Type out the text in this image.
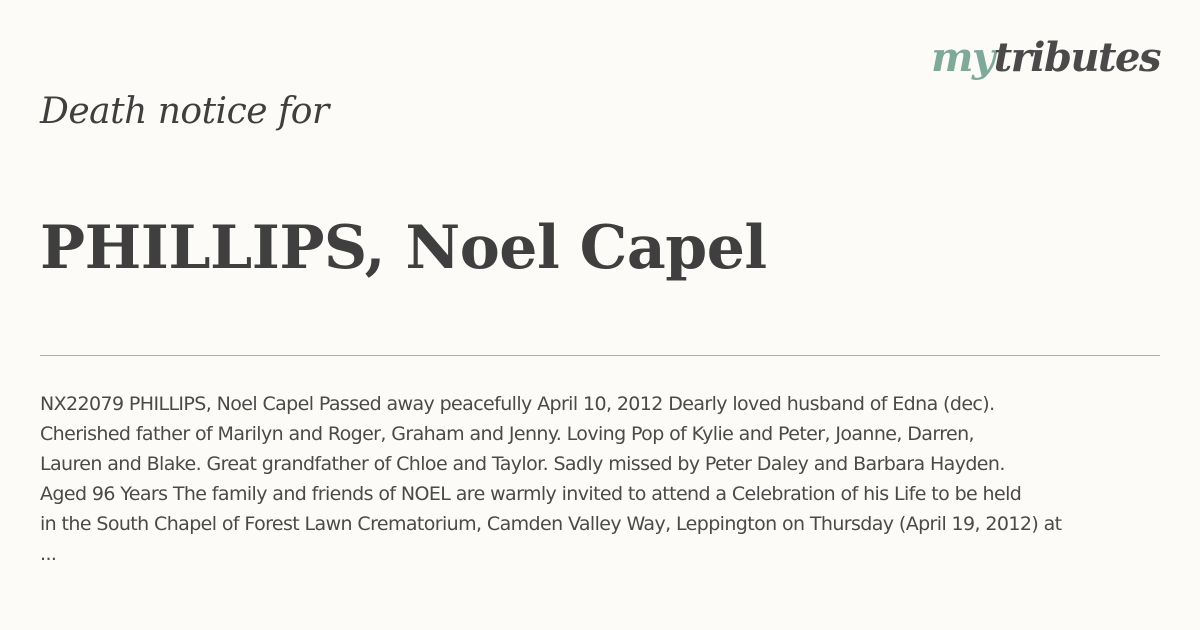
mytributes
Death notice for
PHILLIPS, Noel Capel
NX22079 PHILLIPS, Noel Capel Passed away peacefully April 10, 2012 Dearly loved husband of Edna (dec).
Cherished father of Marilyn and Roger, Graham and Jenny. Loving Pop of Kylie and Peter, Joanne, Darren,
Lauren and Blake. Great grandfather of Chloe and Taylor. Sadly missed by Peter Daley and Barbara Hayden.
Aged 96 Years The family and friends of NOEL are warmly invited to attend a Celebration of his Life to be held
in the South Chapel of Forest Lawn Crematorium, Camden Valley Way, Leppington on Thursday (April 19, 2012) at
...
